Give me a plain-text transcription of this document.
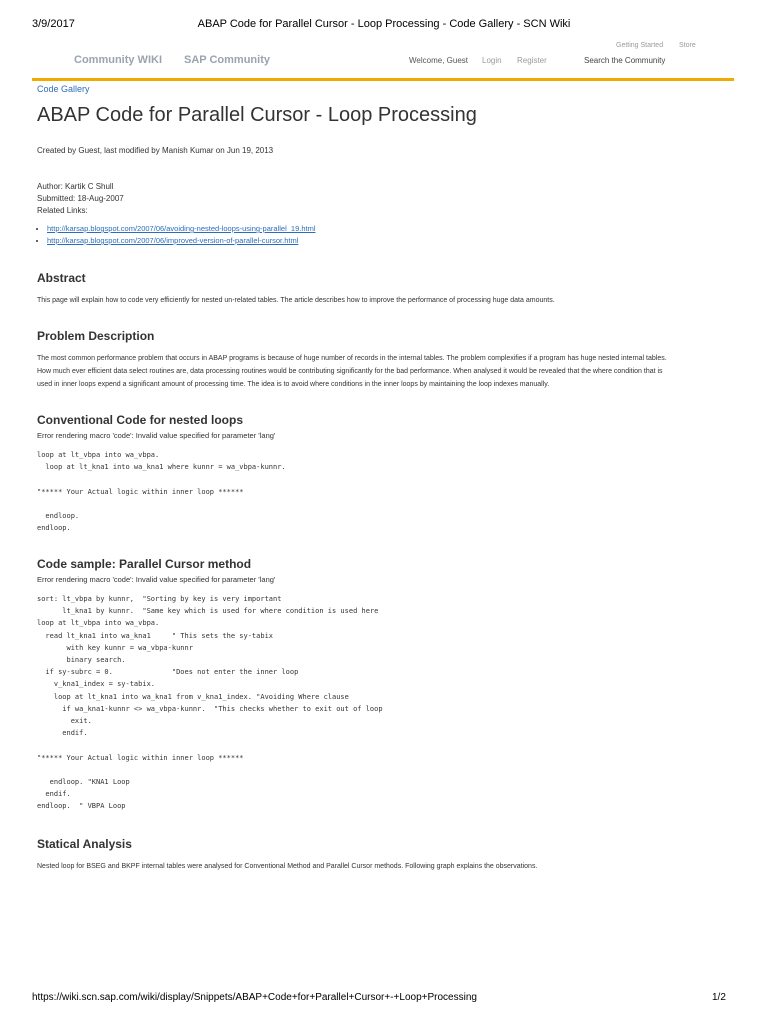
3/9/2017	ABAP Code for Parallel Cursor - Loop Processing - Code Gallery - SCN Wiki
Getting Started Store
Community WIKI SAP Community	Welcome, Guest Login Register	Search the Community
Code Gallery
ABAP Code for Parallel Cursor - Loop Processing
Created by Guest, last modified by Manish Kumar on Jun 19, 2013
Author: Kartik C Shull
Submitted: 18-Aug-2007
Related Links:
• http://karsap.blogspot.com/2007/06/avoiding-nested-loops-using-parallel_19.html
• http://karsap.blogspot.com/2007/06/improved-version-of-parallel-cursor.html
Abstract

This page will explain how to code very efficiently for nested un-related tables. The article describes how to improve the performance of processing huge data amounts.

Problem Description

The most common performance problem that occurs in ABAP programs is because of huge number of records in the internal tables. The problem complexifies if a program has huge nested internal tables.

How much ever efficient data select routines are, data processing routines would be contributing significantly for the bad performance. When analysed it would be revealed that the where condition that is

used in inner loops expend a significant amount of processing time. The idea is to avoid where conditions in the inner loops by maintaining the loop indexes manually.

Conventional Code for nested loops
Error rendering macro 'code': Invalid value specified for parameter 'lang'
loop at lt_vbpa into wa_vbpa.
loop at lt_kna1 into wa_kna1 where kunnr = wa_vbpa-kunnr.

"***** Your Actual logic within inner loop ******

endloop.
endloop.
Code sample: Parallel Cursor method
Error rendering macro 'code': Invalid value specified for parameter 'lang'
sort: lt_vbpa by kunnr,  "Sorting by key is very important
lt_kna1 by kunnr.  "Same key which is used for where condition is used here
loop at lt_vbpa into wa_vbpa.
read lt_kna1 into wa_kna1     " This sets the sy-tabix
with key kunnr = wa_vbpa-kunnr
binary search.
if sy-subrc = 0.              "Does not enter the inner loop
v_kna1_index = sy-tabix.
loop at lt_kna1 into wa_kna1 from v_kna1_index. "Avoiding Where clause
if wa_kna1-kunnr <> wa_vbpa-kunnr.  "This checks whether to exit out of loop
exit.
endif.

"***** Your Actual logic within inner loop ******

endloop. "KNA1 Loop
endif.
endloop.  " VBPA Loop
Statical Analysis

Nested loop for BSEG and BKPF internal tables were analysed for Conventional Method and Parallel Cursor methods. Following graph explains the observations.

https://wiki.scn.sap.com/wiki/display/Snippets/ABAP+Code+for+Parallel+Cursor+-+Loop+Processing	1/2
